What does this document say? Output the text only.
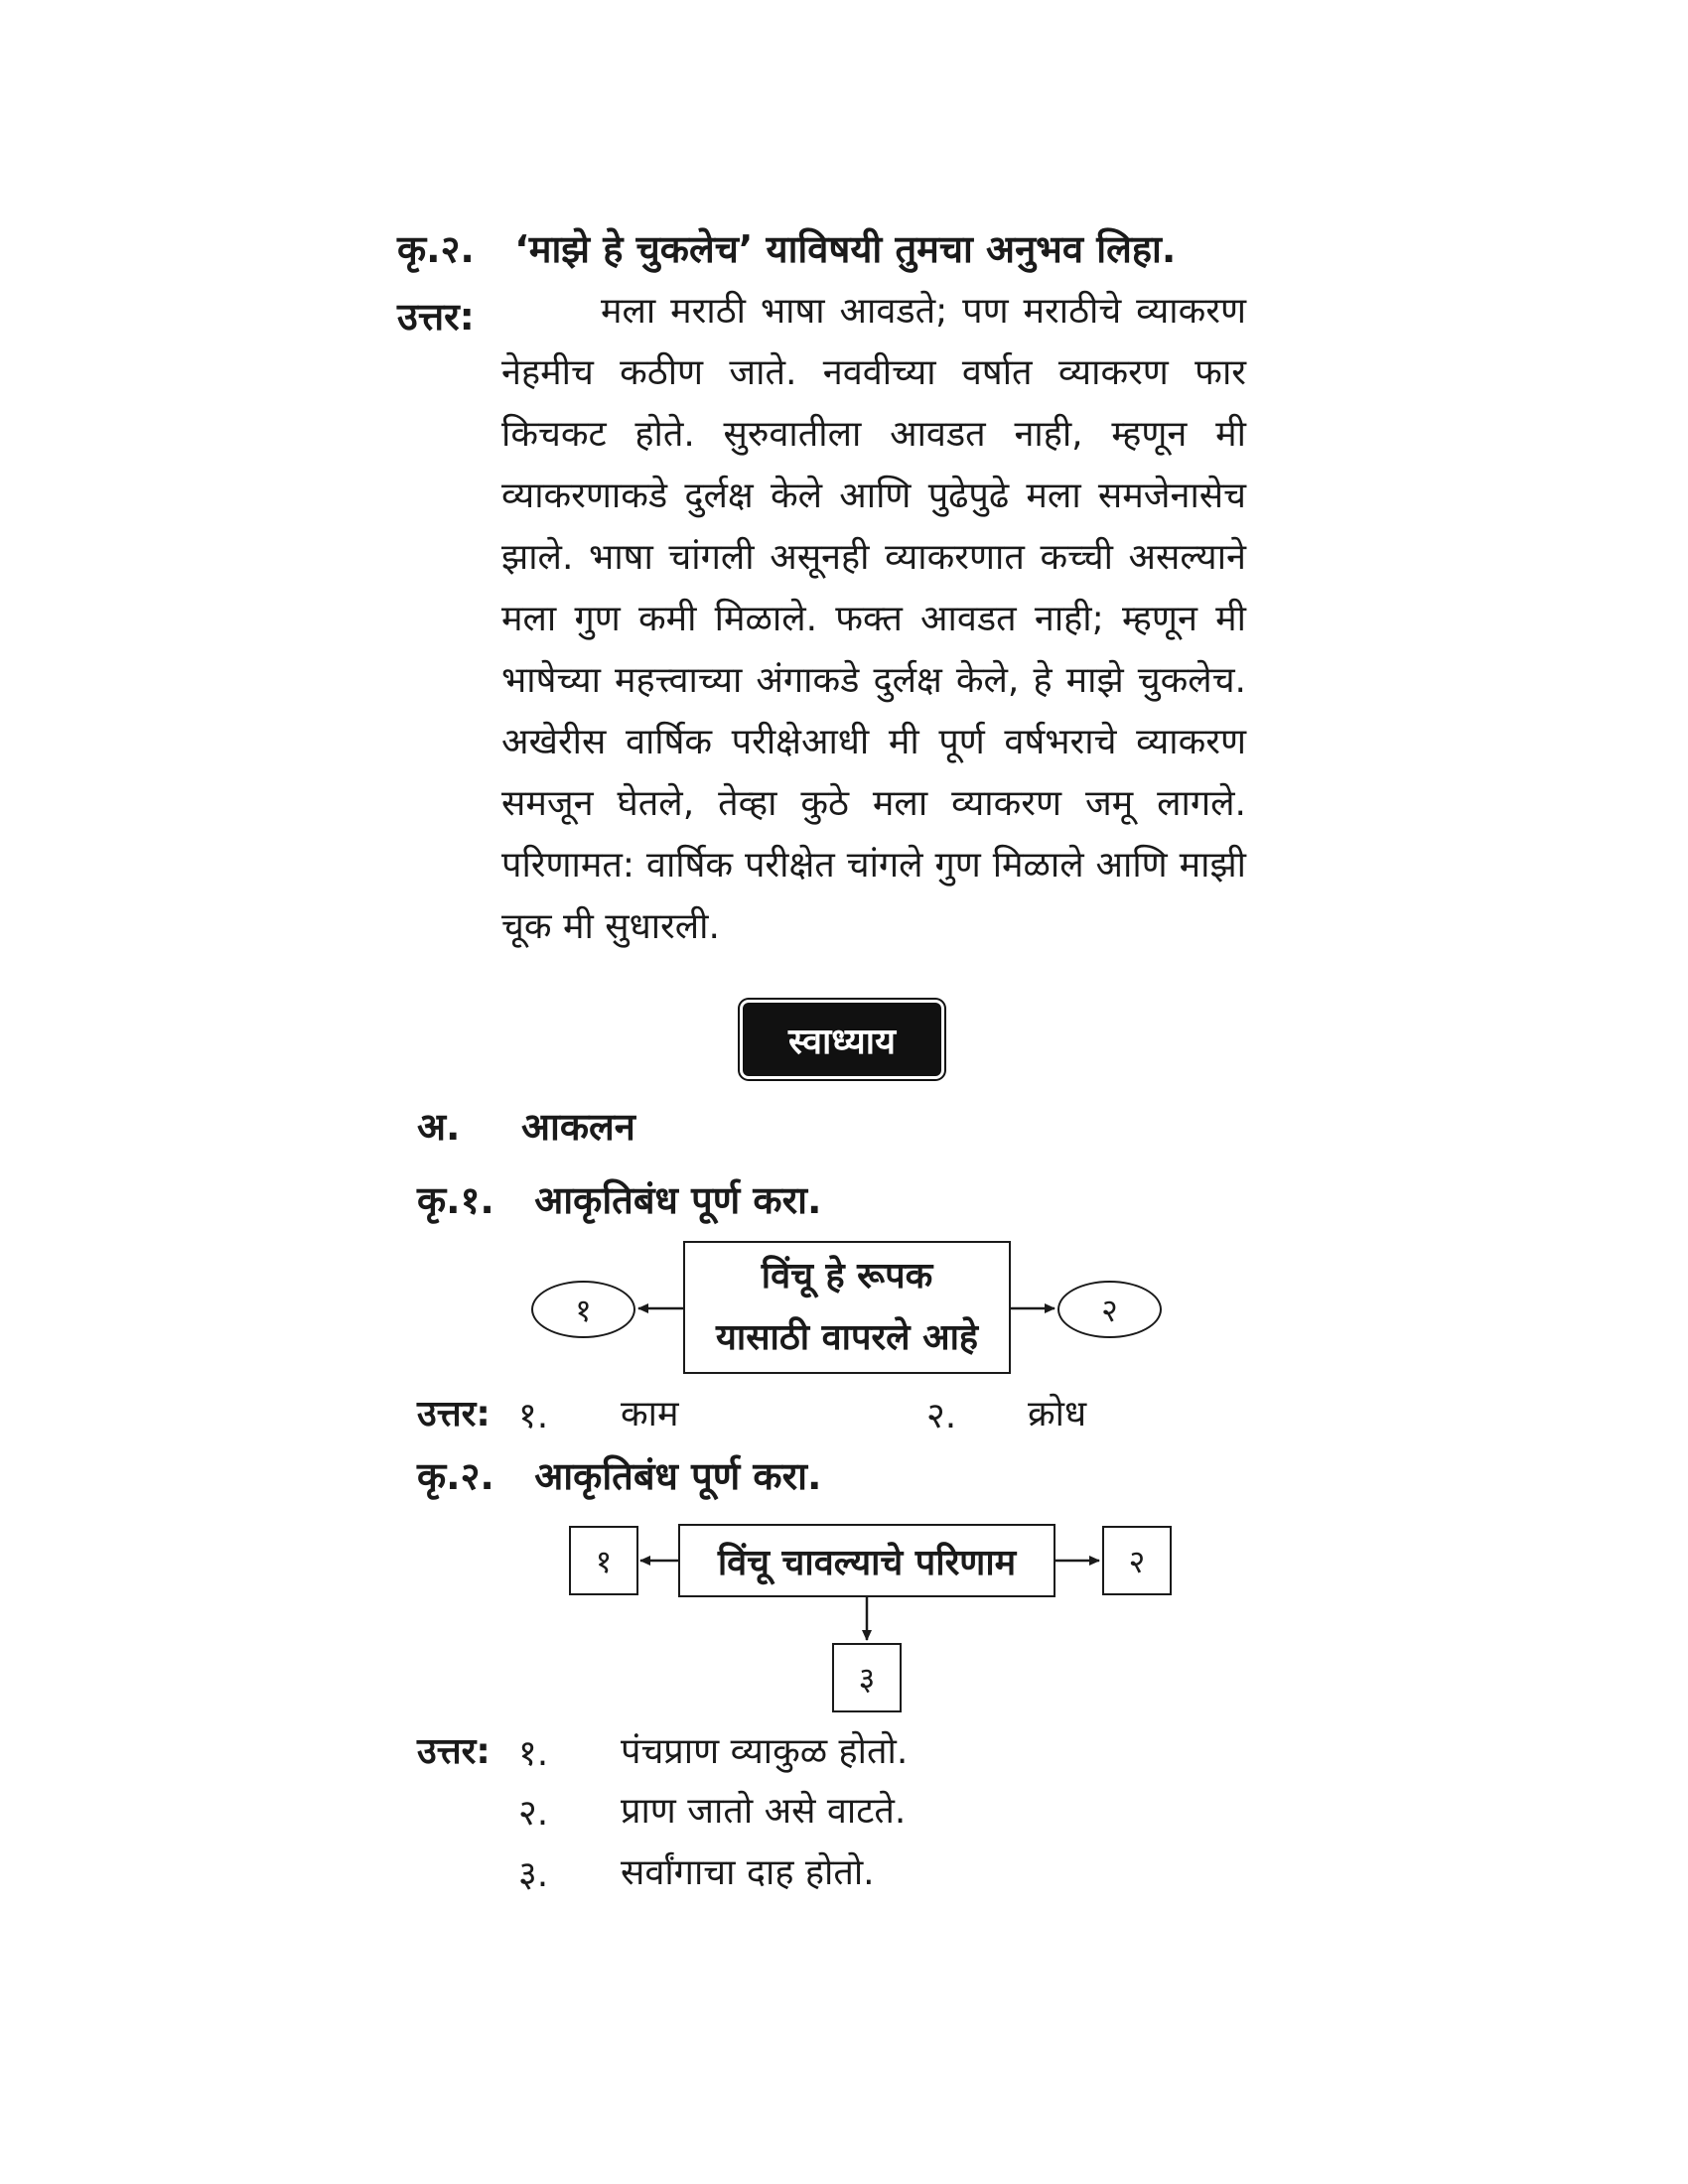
कृ.२. ‘माझे हे चुकलेच’ याविषयी तुमचा अनुभव लिहा.
उत्तर:	मला मराठी भाषा आवडते; पण मराठीचे व्याकरण नेहमीच कठीण जाते. नववीच्या वर्षात व्याकरण फार किचकट होते. सुरुवातीला आवडत नाही, म्हणून मी व्याकरणाकडे दुर्लक्ष केले आणि पुढेपुढे मला समजेनासेच झाले. भाषा चांगली असूनही व्याकरणात कच्ची असल्याने मला गुण कमी मिळाले. फक्त आवडत नाही; म्हणून मी भाषेच्या महत्त्वाच्या अंगाकडे दुर्लक्ष केले, हे माझे चुकलेच. अखेरीस वार्षिक परीक्षेआधी मी पूर्ण वर्षभराचे व्याकरण समजून घेतले, तेव्हा कुठे मला व्याकरण जमू लागले. परिणामत: वार्षिक परीक्षेत चांगले गुण मिळाले आणि माझी चूक मी सुधारली.
स्वाध्याय
अ. आकलन
कृ.१. आकृतिबंध पूर्ण करा.
१
विंचू हे रूपक
यासाठी वापरले आहे
२
उत्तर: १. काम	२. क्रोध
कृ.२. आकृतिबंध पूर्ण करा.
१	विंचू चावल्याचे परिणाम	२
३
उत्तर: १. पंचप्राण व्याकुळ होतो.
२. प्राण जातो असे वाटते.
३. सर्वांगाचा दाह होतो.
